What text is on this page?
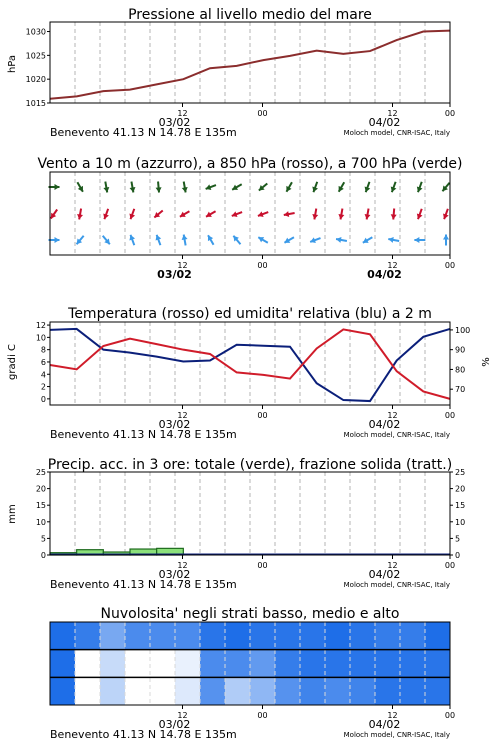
Pressione al livello medio del mare
hPa
1015
1020
1025
1030
Vento a 10 m (azzurro), a 850 hPa (rosso), a 700 hPa (verde)
Temperatura (rosso) ed umidita' relativa (blu) a 2 m
gradi C	%
0
2
4
6
8
10
12
70
80
90
100
Precip. acc. in 3 ore: totale (verde), frazione solida (tratt.)
mm
0
5
10
15
20
25
0
5
10
15
20
25
Nuvolosita' negli strati basso, medio e alto
12	00	12	00
03/02	04/02
Benevento 41.13 N 14.78 E 135m	Moloch model, CNR-ISAC, Italy
12	00	12	00
03/02	04/02
12	00	12	00
03/02	04/02
Benevento 41.13 N 14.78 E 135m	Moloch model, CNR-ISAC, Italy
12	00	12	00
03/02	04/02
Benevento 41.13 N 14.78 E 135m	Moloch model, CNR-ISAC, Italy
12	00	12	00
03/02	04/02
Benevento 41.13 N 14.78 E 135m	Moloch model, CNR-ISAC, Italy
